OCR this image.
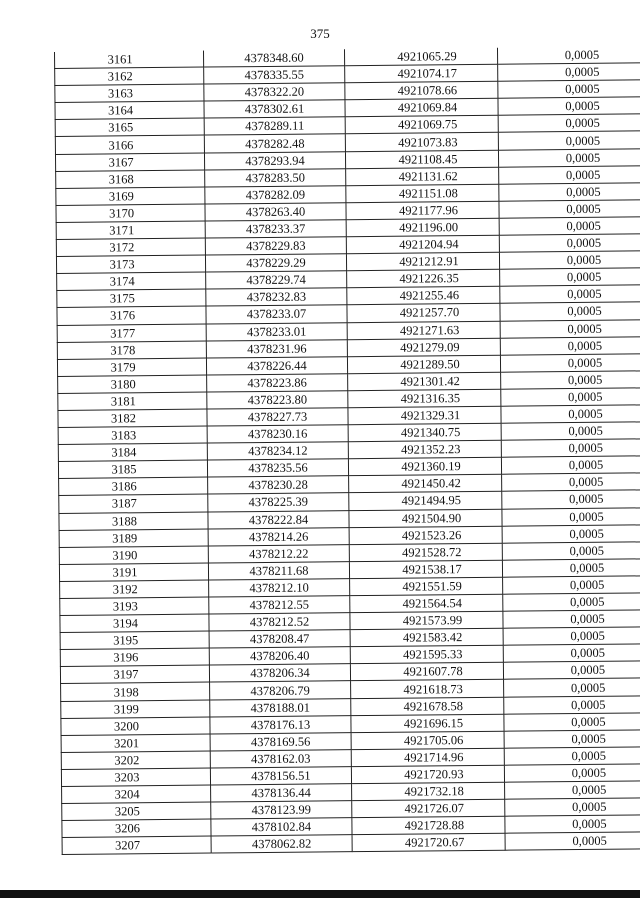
375
3161	4378348.60	4921065.29	0,0005
3162	4378335.55	4921074.17	0,0005
3163	4378322.20	4921078.66	0,0005
3164	4378302.61	4921069.84	0,0005
3165	4378289.11	4921069.75	0,0005
3166	4378282.48	4921073.83	0,0005
3167	4378293.94	4921108.45	0,0005
3168	4378283.50	4921131.62	0,0005
3169	4378282.09	4921151.08	0,0005
3170	4378263.40	4921177.96	0,0005
3171	4378233.37	4921196.00	0,0005
3172	4378229.83	4921204.94	0,0005
3173	4378229.29	4921212.91	0,0005
3174	4378229.74	4921226.35	0,0005
3175	4378232.83	4921255.46	0,0005
3176	4378233.07	4921257.70	0,0005
3177	4378233.01	4921271.63	0,0005
3178	4378231.96	4921279.09	0,0005
3179	4378226.44	4921289.50	0,0005
3180	4378223.86	4921301.42	0,0005
3181	4378223.80	4921316.35	0,0005
3182	4378227.73	4921329.31	0,0005
3183	4378230.16	4921340.75	0,0005
3184	4378234.12	4921352.23	0,0005
3185	4378235.56	4921360.19	0,0005
3186	4378230.28	4921450.42	0,0005
3187	4378225.39	4921494.95	0,0005
3188	4378222.84	4921504.90	0,0005
3189	4378214.26	4921523.26	0,0005
3190	4378212.22	4921528.72	0,0005
3191	4378211.68	4921538.17	0,0005
3192	4378212.10	4921551.59	0,0005
3193	4378212.55	4921564.54	0,0005
3194	4378212.52	4921573.99	0,0005
3195	4378208.47	4921583.42	0,0005
3196	4378206.40	4921595.33	0,0005
3197	4378206.34	4921607.78	0,0005
3198	4378206.79	4921618.73	0,0005
3199	4378188.01	4921678.58	0,0005
3200	4378176.13	4921696.15	0,0005
3201	4378169.56	4921705.06	0,0005
3202	4378162.03	4921714.96	0,0005
3203	4378156.51	4921720.93	0,0005
3204	4378136.44	4921732.18	0,0005
3205	4378123.99	4921726.07	0,0005
3206	4378102.84	4921728.88	0,0005
3207	4378062.82	4921720.67	0,0005
